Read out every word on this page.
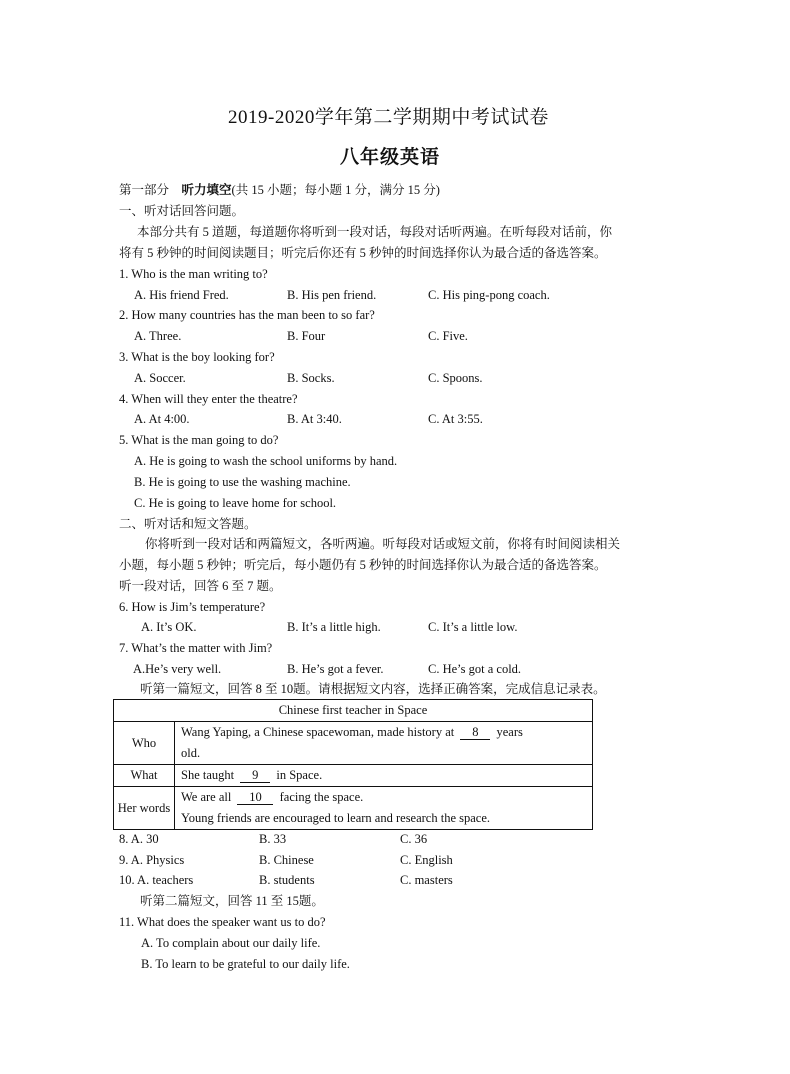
2019-2020学年第二学期期中考试试卷
八年级英语
第一部分 听力填空(共 15 小题；每小题 1 分，满分 15 分)
一、听对话回答问题。
本部分共有 5 道题，每道题你将听到一段对话，每段对话听两遍。在听每段对话前，你
将有 5 秒钟的时间阅读题目；听完后你还有 5 秒钟的时间选择你认为最合适的备选答案。
1. Who is the man writing to?
A. His friend Fred.	B. His pen friend.	C. His ping-pong coach.
2. How many countries has the man been to so far?
A. Three.	B. Four	C. Five.
3. What is the boy looking for?
A. Soccer.	B. Socks.	C. Spoons.
4. When will they enter the theatre?
A. At 4:00.	B. At 3:40.	C. At 3:55.
5. What is the man going to do?
A. He is going to wash the school uniforms by hand.
B. He is going to use the washing machine.
C. He is going to leave home for school.
二、听对话和短文答题。
你将听到一段对话和两篇短文，各听两遍。听每段对话或短文前，你将有时间阅读相关
小题，每小题 5 秒钟；听完后，每小题仍有 5 秒钟的时间选择你认为最合适的备选答案。
听一段对话，回答 6 至 7 题。
6. How is Jim’s temperature?
A. It’s OK.	B. It’s a little high.	C. It’s a little low.
7. What’s the matter with Jim?
A.He’s very well.	B. He’s got a fever.	C. He’s got a cold.
听第一篇短文，回答 8 至 10题。请根据短文内容，选择正确答案，完成信息记录表。
Chinese first teacher in Space	
Who	Wang Yaping, a Chinese spacewoman, made history at 8 years
old.

What	She taught 9 in Space.
Her words	We are all 10 facing the space.
Young friends are encouraged to learn and research the space.
8. A. 30	B. 33	C. 36
9. A. Physics	B. Chinese	C. English
10. A. teachers	B. students	C. masters
听第二篇短文，回答 11 至 15题。
11. What does the speaker want us to do?
A. To complain about our daily life.
B. To learn to be grateful to our daily life.
